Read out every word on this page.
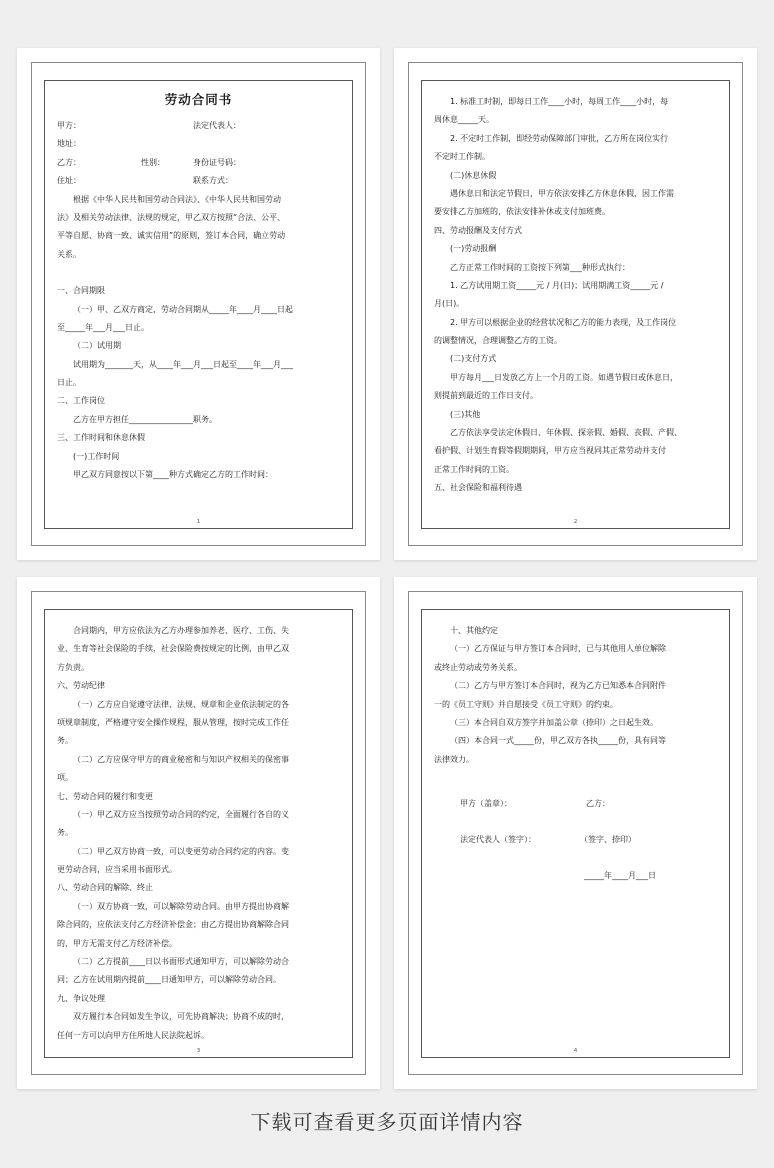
劳动合同书
甲方：	法定代表人：
地址：
乙方：	性别：	身份证号码：
住址：	联系方式：
根据《中华人民共和国劳动合同法》、《中华人民共和国劳动
法》及相关劳动法律、法规的规定，甲乙双方按照“合法、公平、
平等自愿、协商一致、诚实信用”的原则，签订本合同，确立劳动
关系。
一、合同期限
（一）甲、乙双方商定，劳动合同期从_____年____月____日起
至_____年___月___日止。
（二）试用期
试用期为_______天，从____年___月___日起至____年___月___
日止。
二、工作岗位
乙方在甲方担任________________职务。
三、工作时间和休息休假
(一)工作时间
甲乙双方同意按以下第____种方式确定乙方的工作时间：
1
1. 标准工时制，即每日工作____小时，每周工作____小时，每
周休息_____天。
2. 不定时工作制，即经劳动保障部门审批，乙方所在岗位实行
不定时工作制。
(二)休息休假
遇休息日和法定节假日，甲方依法安排乙方休息休假，因工作需
要安排乙方加班的，依法安排补休或支付加班费。
四、劳动报酬及支付方式
(一)劳动报酬
乙方正常工作时间的工资按下列第___种形式执行：
1. 乙方试用期工资_____元 / 月(日)；试用期满工资_____元 /
月(日)。
2. 甲方可以根据企业的经营状况和乙方的能力表现，及工作岗位
的调整情况，合理调整乙方的工资。
(二)支付方式
甲方每月___日发放乙方上一个月的工资。如遇节假日或休息日，
则提前到最近的工作日支付。
(三)其他
乙方依法享受法定休假日、年休假、探亲假、婚假、丧假、产假、
看护假、计划生育假等假期期间，甲方应当视同其正常劳动并支付
正常工作时间的工资。
五、社会保险和福利待遇
2
合同期内，甲方应依法为乙方办理参加养老、医疗、工伤、失
业、生育等社会保险的手续，社会保险费按规定的比例，由甲乙双
方负责。
六、劳动纪律
（一）乙方应自觉遵守法律、法规、规章和企业依法制定的各
项规章制度，严格遵守安全操作规程，服从管理，按时完成工作任
务。
（二）乙方应保守甲方的商业秘密和与知识产权相关的保密事
项。
七、劳动合同的履行和变更
（一）甲乙双方应当按照劳动合同的约定，全面履行各自的义
务。
（二）甲乙双方协商一致，可以变更劳动合同约定的内容。变
更劳动合同，应当采用书面形式。
八、劳动合同的解除、终止
（一）双方协商一致，可以解除劳动合同。由甲方提出协商解
除合同的，应依法支付乙方经济补偿金；由乙方提出协商解除合同
的，甲方无需支付乙方经济补偿。
（二）乙方提前____日以书面形式通知甲方，可以解除劳动合
同；乙方在试用期内提前____日通知甲方，可以解除劳动合同。
九、争议处理
双方履行本合同如发生争议，可先协商解决；协商不成的时，
任何一方可以向甲方住所地人民法院起诉。
3
十、其他约定
（一）乙方保证与甲方签订本合同时，已与其他用人单位解除
或终止劳动或劳务关系。
（二）乙方与甲方签订本合同时，视为乙方已知悉本合同附件
一的《员工守则》并自愿接受《员工守则》的约束。
（三）本合同自双方签字并加盖公章（捺印）之日起生效。
（四）本合同一式_____份，甲乙双方各执_____份，具有同等
法律效力。
甲方（盖章）：	乙方：
法定代表人（签字）：	（签字、捺印）
_____年____月___日
4
下载可查看更多页面详情内容
